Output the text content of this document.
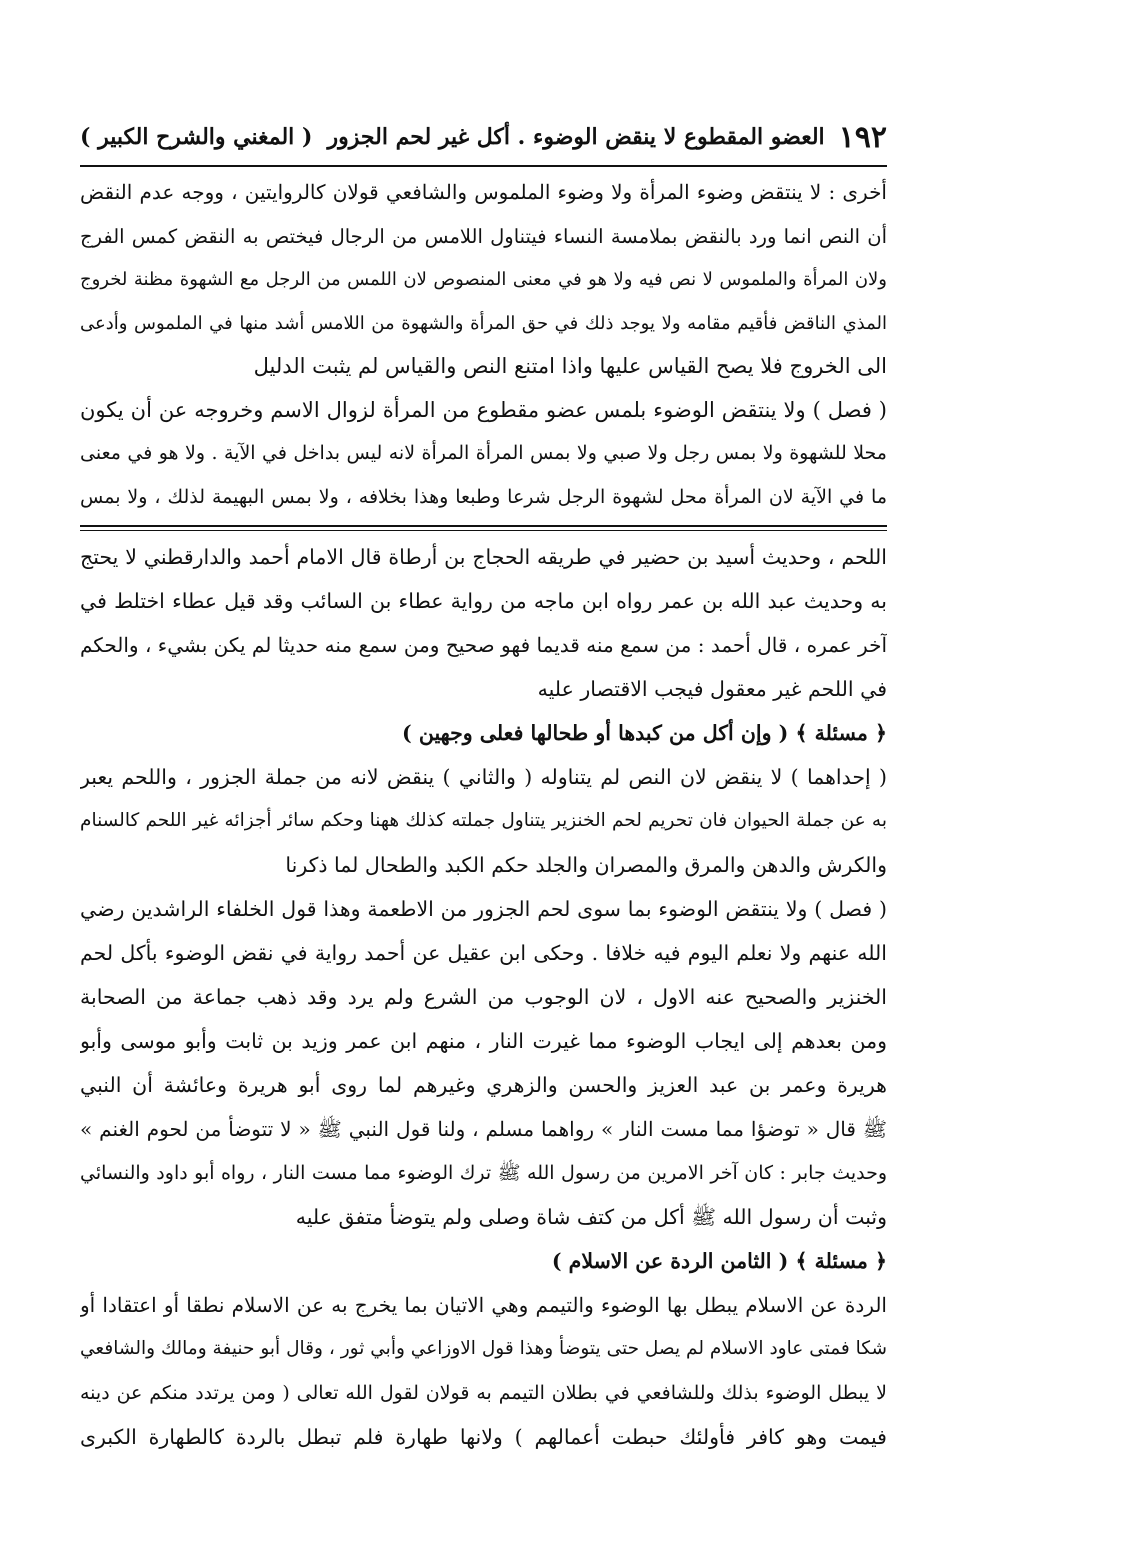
١٩٢
العضو المقطوع لا ينقض الوضوء . أكل غير لحم الجزور
( المغني والشرح الكبير )
أخرى : لا ينتقض وضوء المرأة ولا وضوء الملموس والشافعي قولان كالروايتين ، ووجه عدم النقض
أن النص انما ورد بالنقض بملامسة النساء فيتناول اللامس من الرجال فيختص به النقض كمس الفرج
ولان المرأة والملموس لا نص فيه ولا هو في معنى المنصوص لان اللمس من الرجل مع الشهوة مظنة لخروج
المذي الناقض فأقيم مقامه ولا يوجد ذلك في حق المرأة والشهوة من اللامس أشد منها في الملموس وأدعى
الى الخروج فلا يصح القياس عليها واذا امتنع النص والقياس لم يثبت الدليل
( فصل ) ولا ينتقض الوضوء بلمس عضو مقطوع من المرأة لزوال الاسم وخروجه عن أن يكون
محلا للشهوة ولا بمس رجل ولا صبي ولا بمس المرأة المرأة لانه ليس بداخل في الآية . ولا هو في معنى
ما في الآية لان المرأة محل لشهوة الرجل شرعا وطبعا وهذا بخلافه ، ولا بمس البهيمة لذلك ، ولا بمس
اللحم ، وحديث أسيد بن حضير في طريقه الحجاج بن أرطاة قال الامام أحمد والدارقطني لا يحتج
به وحديث عبد الله بن عمر رواه ابن ماجه من رواية عطاء بن السائب وقد قيل عطاء اختلط في
آخر عمره ، قال أحمد : من سمع منه قديما فهو صحيح ومن سمع منه حديثا لم يكن بشيء ، والحكم
في اللحم غير معقول فيجب الاقتصار عليه
﴿ مسئلة ﴾ ( وإن أكل من كبدها أو طحالها فعلى وجهين )
( إحداهما ) لا ينقض لان النص لم يتناوله ( والثاني ) ينقض لانه من جملة الجزور ، واللحم يعبر
به عن جملة الحيوان فان تحريم لحم الخنزير يتناول جملته كذلك ههنا وحكم سائر أجزائه غير اللحم كالسنام
والكرش والدهن والمرق والمصران والجلد حكم الكبد والطحال لما ذكرنا
( فصل ) ولا ينتقض الوضوء بما سوى لحم الجزور من الاطعمة وهذا قول الخلفاء الراشدين رضي
الله عنهم ولا نعلم اليوم فيه خلافا . وحكى ابن عقيل عن أحمد رواية في نقض الوضوء بأكل لحم
الخنزير والصحيح عنه الاول ، لان الوجوب من الشرع ولم يرد وقد ذهب جماعة من الصحابة
ومن بعدهم إلى ايجاب الوضوء مما غيرت النار ، منهم ابن عمر وزيد بن ثابت وأبو موسى وأبو
هريرة وعمر بن عبد العزيز والحسن والزهري وغيرهم لما روى أبو هريرة وعائشة أن النبي
ﷺ قال « توضؤا مما مست النار » رواهما مسلم ، ولنا قول النبي ﷺ « لا تتوضأ من لحوم الغنم »
وحديث جابر : كان آخر الامرين من رسول الله ﷺ ترك الوضوء مما مست النار ، رواه أبو داود والنسائي
وثبت أن رسول الله ﷺ أكل من كتف شاة وصلى ولم يتوضأ متفق عليه
﴿ مسئلة ﴾ ( الثامن الردة عن الاسلام )
الردة عن الاسلام يبطل بها الوضوء والتيمم وهي الاتيان بما يخرج به عن الاسلام نطقا أو اعتقادا أو
شكا فمتى عاود الاسلام لم يصل حتى يتوضأ وهذا قول الاوزاعي وأبي ثور ، وقال أبو حنيفة ومالك والشافعي
لا يبطل الوضوء بذلك وللشافعي في بطلان التيمم به قولان لقول الله تعالى ( ومن يرتدد منكم عن دينه
فيمت وهو كافر فأولئك حبطت أعمالهم ) ولانها طهارة فلم تبطل بالردة كالطهارة الكبرى
